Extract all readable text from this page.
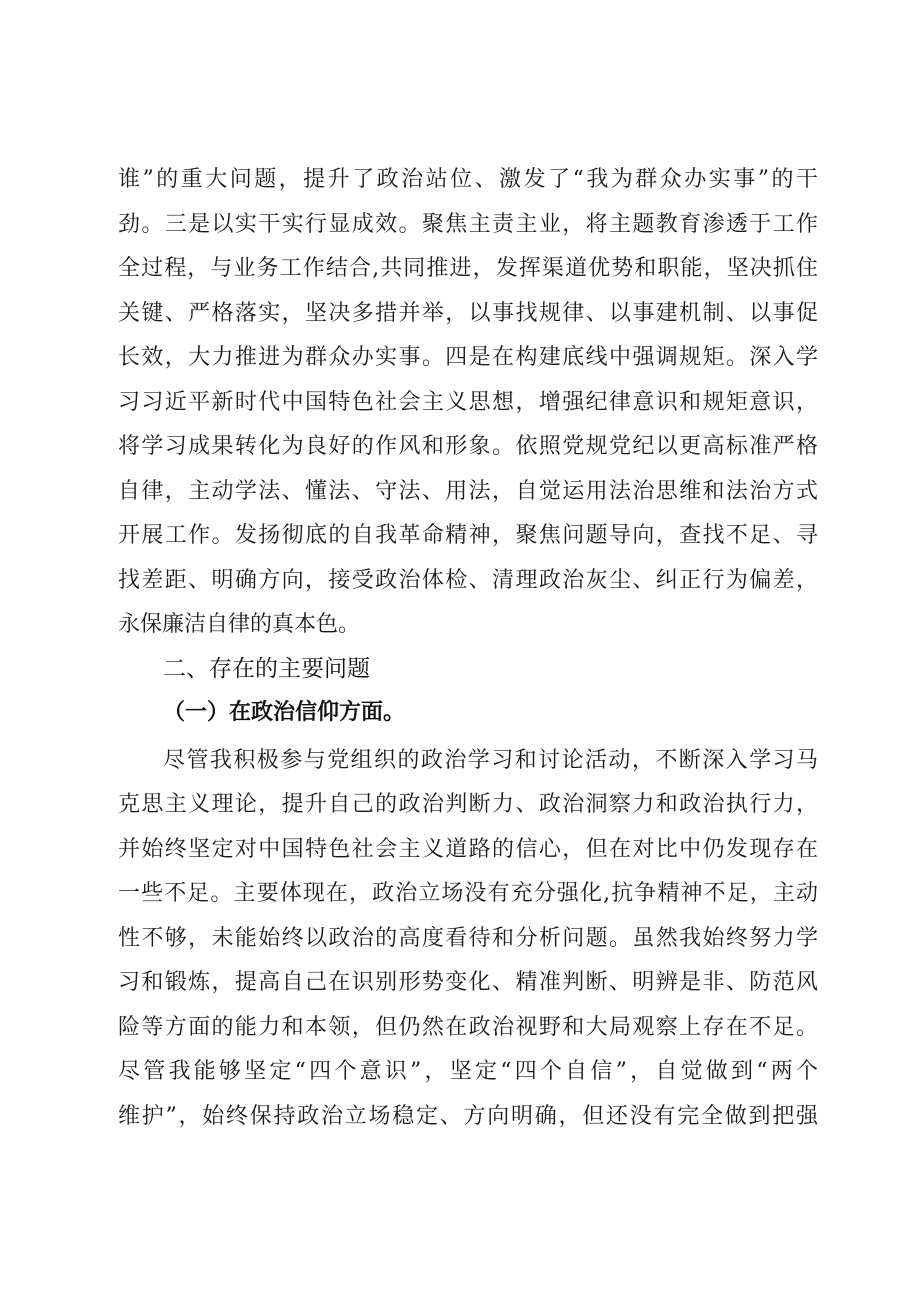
谁”的重大问题，提升了政治站位、激发了“我为群众办实事”的干
劲。三是以实干实行显成效。聚焦主责主业，将主题教育渗透于工作
全过程，与业务工作结合,共同推进，发挥渠道优势和职能，坚决抓住
关键、严格落实，坚决多措并举，以事找规律、以事建机制、以事促
长效，大力推进为群众办实事。四是在构建底线中强调规矩。深入学
习习近平新时代中国特色社会主义思想，增强纪律意识和规矩意识，
将学习成果转化为良好的作风和形象。依照党规党纪以更高标准严格
自律，主动学法、懂法、守法、用法，自觉运用法治思维和法治方式
开展工作。发扬彻底的自我革命精神，聚焦问题导向，查找不足、寻
找差距、明确方向，接受政治体检、清理政治灰尘、纠正行为偏差，
永保廉洁自律的真本色。
二、存在的主要问题
（一）在政治信仰方面。
尽管我积极参与党组织的政治学习和讨论活动，不断深入学习马
克思主义理论，提升自己的政治判断力、政治洞察力和政治执行力，
并始终坚定对中国特色社会主义道路的信心，但在对比中仍发现存在
一些不足。主要体现在，政治立场没有充分强化,抗争精神不足，主动
性不够，未能始终以政治的高度看待和分析问题。虽然我始终努力学
习和锻炼，提高自己在识别形势变化、精准判断、明辨是非、防范风
险等方面的能力和本领，但仍然在政治视野和大局观察上存在不足。
尽管我能够坚定“四个意识”，坚定“四个自信”，自觉做到“两个
维护”，始终保持政治立场稳定、方向明确，但还没有完全做到把强
